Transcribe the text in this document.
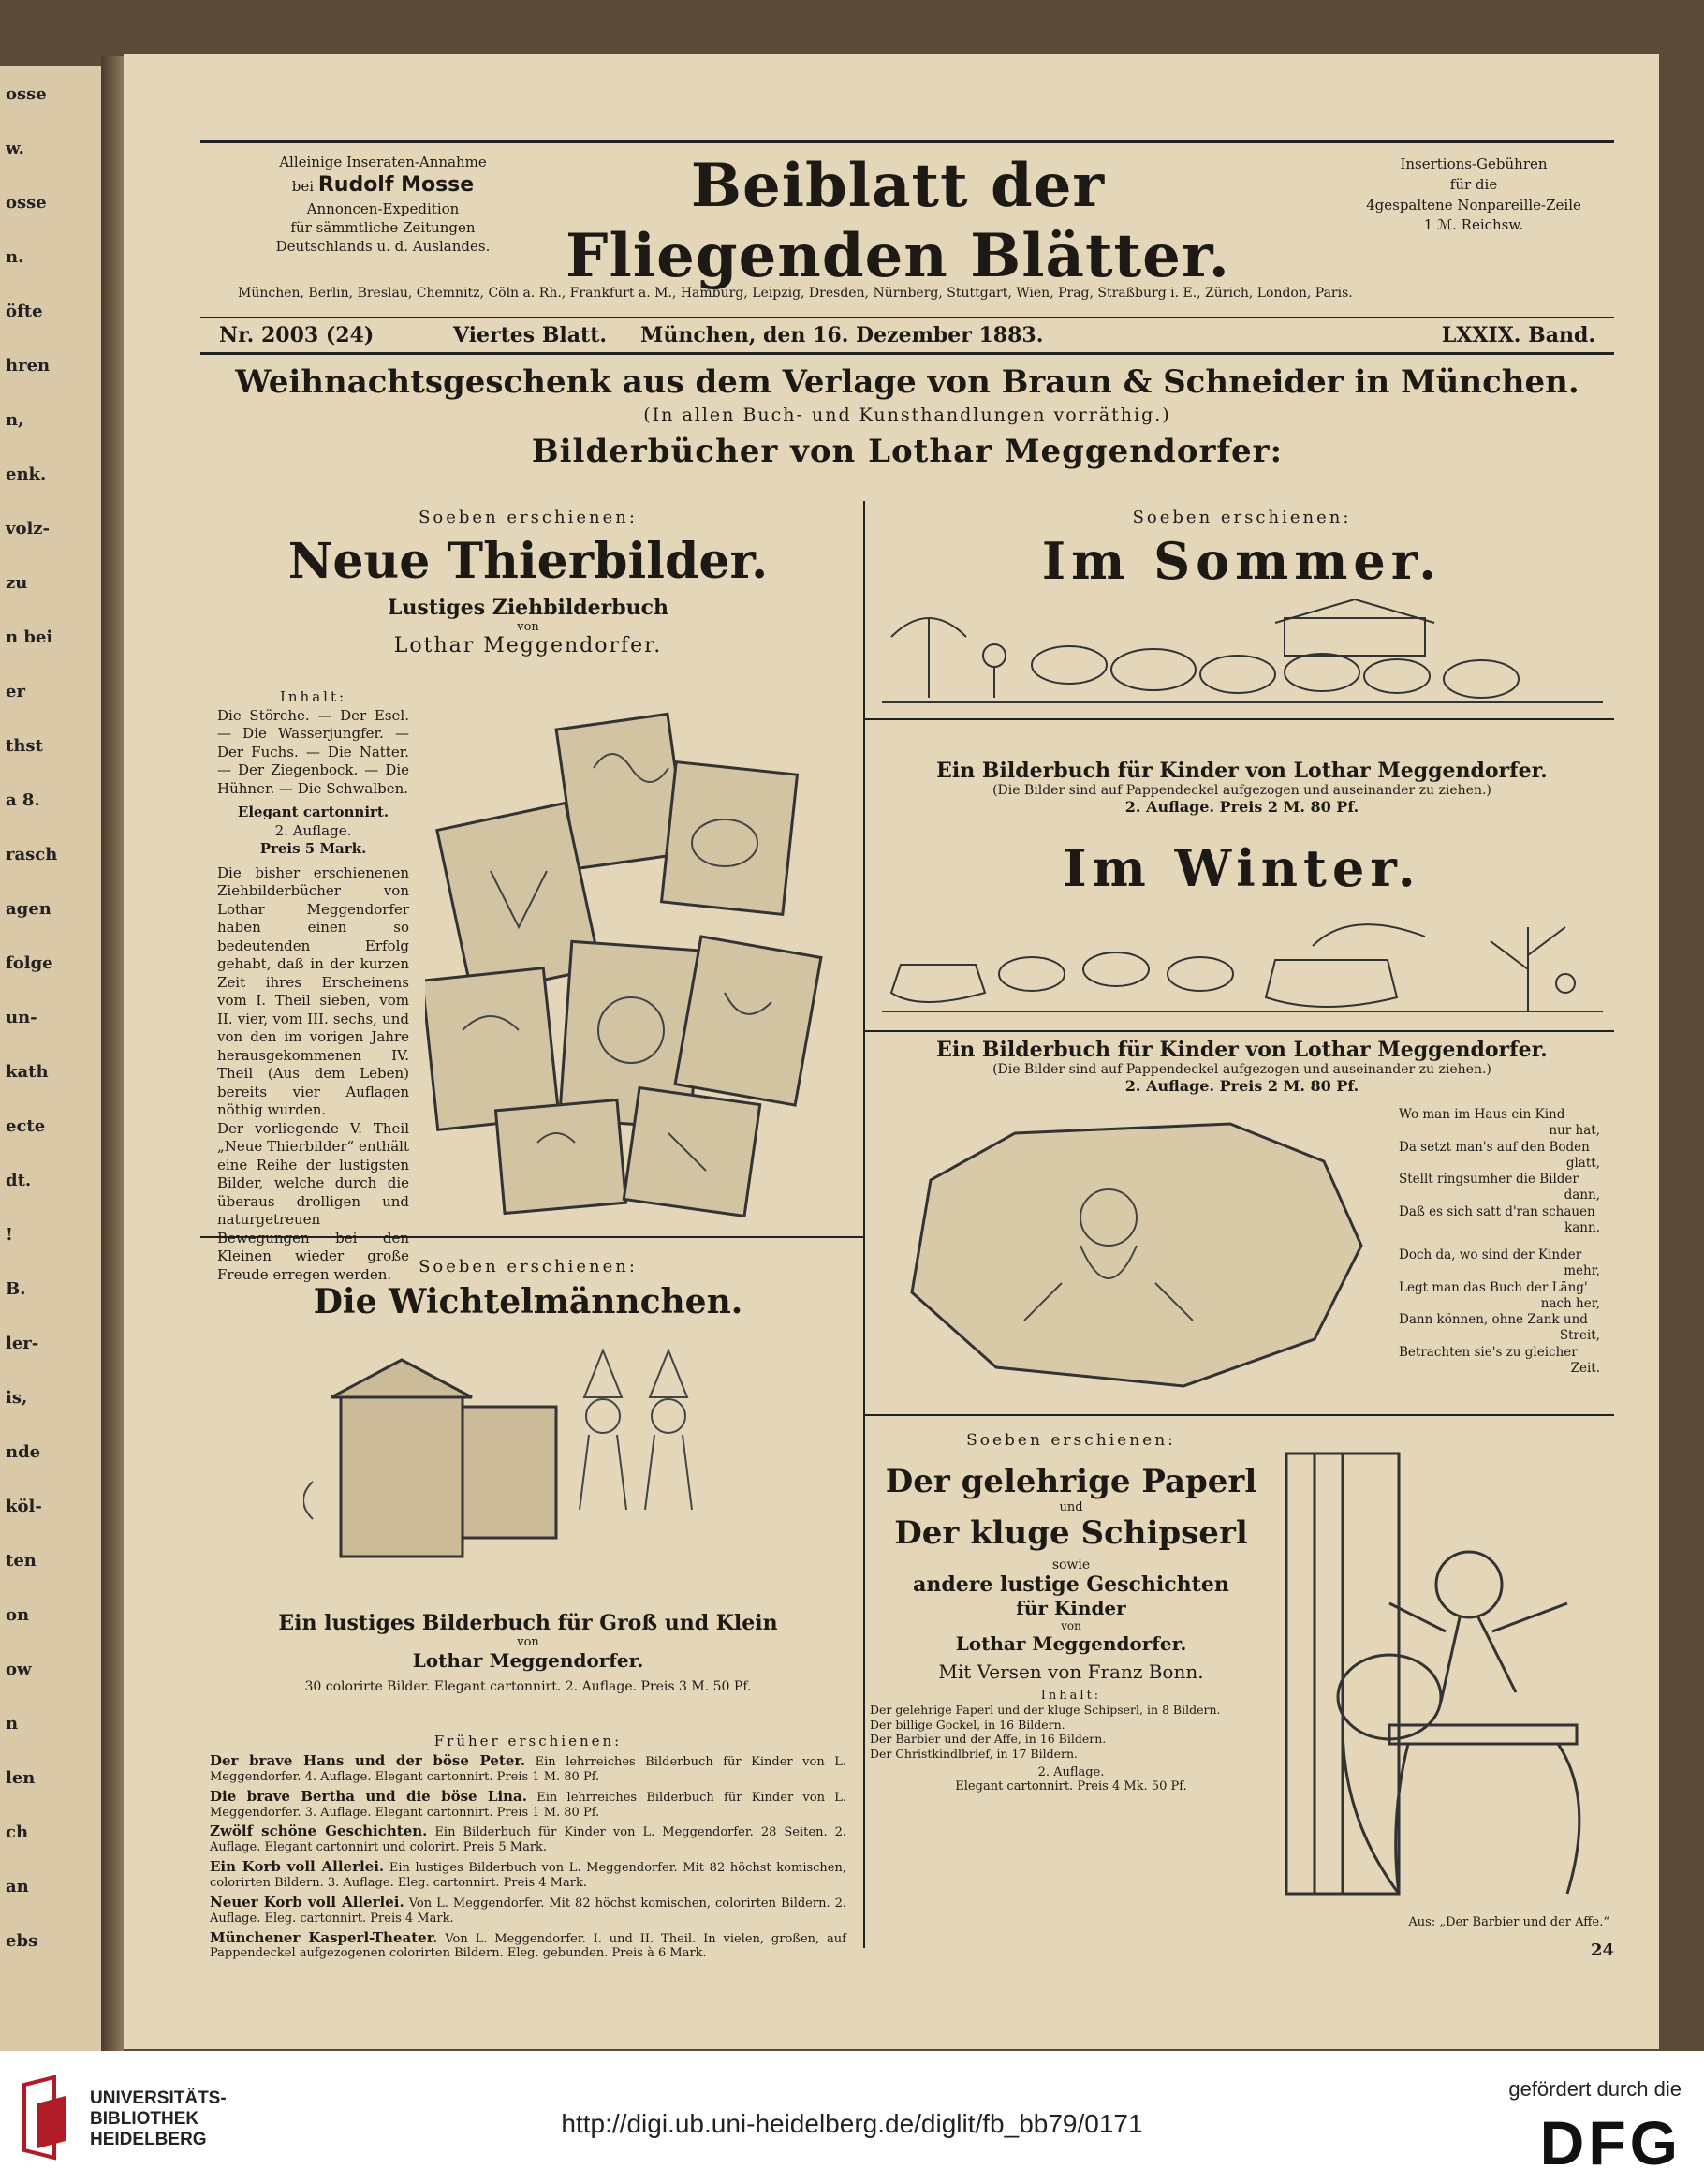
osse
w.
osse
n.
öfte
hren
n,
enk.
volz-
zu
n bei
er
thst
a 8.
rasch
agen
folge
un-
kath
ecte
dt.
!
B.
ler-
is,
nde
köl-
ten
on
ow
n
len
ch
an
ebs
Alleinige Inseraten-Annahme
bei Rudolf Mosse
Annoncen-Expedition
für sämmtliche Zeitungen
Deutschlands u. d. Auslandes.
Beiblatt der Fliegenden Blätter.
Insertions-Gebühren
für die
4gespaltene Nonpareille-Zeile
1 ℳ. Reichsw.
München, Berlin, Breslau, Chemnitz, Cöln a. Rh., Frankfurt a. M., Hamburg, Leipzig, Dresden, Nürnberg, Stuttgart, Wien, Prag, Straßburg i. E., Zürich, London, Paris.
Nr. 2003 (24)	Viertes Blatt. München, den 16. Dezember 1883.	LXXIX. Band.
Weihnachtsgeschenk aus dem Verlage von Braun & Schneider in München.
(In allen Buch- und Kunsthandlungen vorräthig.)
Bilderbücher von Lothar Meggendorfer:
Soeben erschienen:
Neue Thierbilder.
Lustiges Ziehbilderbuch
von
Lothar Meggendorfer.
Inhalt:
Die Störche. — Der Esel. — Die Wasserjungfer. — Der Fuchs. — Die Natter. — Der Ziegenbock. — Die Hühner. — Die Schwalben.
Elegant cartonnirt.
2. Auflage.
Preis 5 Mark.
Die bisher erschienenen Ziehbilderbücher von Lothar Meggendorfer haben einen so bedeutenden Erfolg gehabt, daß in der kurzen Zeit ihres Erscheinens vom I. Theil sieben, vom II. vier, vom III. sechs, und von den im vorigen Jahre herausgekommenen IV. Theil (Aus dem Leben) bereits vier Auflagen nöthig wurden.
Der vorliegende V. Theil „Neue Thierbilder“ enthält eine Reihe der lustigsten Bilder, welche durch die überaus drolligen und naturgetreuen Bewegungen bei den Kleinen wieder große Freude erregen werden.
Soeben erschienen:
Im Sommer.
Ein Bilderbuch für Kinder von Lothar Meggendorfer.
(Die Bilder sind auf Pappendeckel aufgezogen und auseinander zu ziehen.)
2. Auflage. Preis 2 M. 80 Pf.
Im Winter.
Ein Bilderbuch für Kinder von Lothar Meggendorfer.
(Die Bilder sind auf Pappendeckel aufgezogen und auseinander zu ziehen.)
2. Auflage. Preis 2 M. 80 Pf.
Wo man im Haus ein Kind
nur hat,
Da setzt man's auf den Boden
glatt,
Stellt ringsumher die Bilder
dann,
Daß es sich satt d'ran schauen
kann.
Doch da, wo sind der Kinder
mehr,
Legt man das Buch der Läng'
nach her,
Dann können, ohne Zank und
Streit,
Betrachten sie's zu gleicher
Zeit.
Soeben erschienen:
Die Wichtelmännchen.
Ein lustiges Bilderbuch für Groß und Klein
von
Lothar Meggendorfer.
30 colorirte Bilder. Elegant cartonnirt. 2. Auflage. Preis 3 M. 50 Pf.
Früher erschienen:
Der brave Hans und der böse Peter. Ein lehrreiches Bilderbuch für Kinder von L. Meggendorfer. 4. Auflage. Elegant cartonnirt. Preis 1 M. 80 Pf.
Die brave Bertha und die böse Lina. Ein lehrreiches Bilderbuch für Kinder von L. Meggendorfer. 3. Auflage. Elegant cartonnirt. Preis 1 M. 80 Pf.
Zwölf schöne Geschichten. Ein Bilderbuch für Kinder von L. Meggendorfer. 28 Seiten. 2. Auflage. Elegant cartonnirt und colorirt. Preis 5 Mark.
Ein Korb voll Allerlei. Ein lustiges Bilderbuch von L. Meggendorfer. Mit 82 höchst komischen, colorirten Bildern. 3. Auflage. Eleg. cartonnirt. Preis 4 Mark.
Neuer Korb voll Allerlei. Von L. Meggendorfer. Mit 82 höchst komischen, colorirten Bildern. 2. Auflage. Eleg. cartonnirt. Preis 4 Mark.
Münchener Kasperl-Theater. Von L. Meggendorfer. I. und II. Theil. In vielen, großen, auf Pappendeckel aufgezogenen colorirten Bildern. Eleg. gebunden. Preis à 6 Mark.
Soeben erschienen:
Der gelehrige Paperl
und
Der kluge Schipserl
sowie
andere lustige Geschichten
für Kinder
von
Lothar Meggendorfer.
Mit Versen von Franz Bonn.
Inhalt:
Der gelehrige Paperl und der kluge Schipserl, in 8 Bildern.
Der billige Gockel, in 16 Bildern.
Der Barbier und der Affe, in 16 Bildern.
Der Christkindlbrief, in 17 Bildern.
2. Auflage.
Elegant cartonnirt. Preis 4 Mk. 50 Pf.
Aus: „Der Barbier und der Affe.“
24
UNIVERSITÄTS-
BIBLIOTHEK
HEIDELBERG
http://digi.ub.uni-heidelberg.de/diglit/fb_bb79/0171
gefördert durch die
DFG
